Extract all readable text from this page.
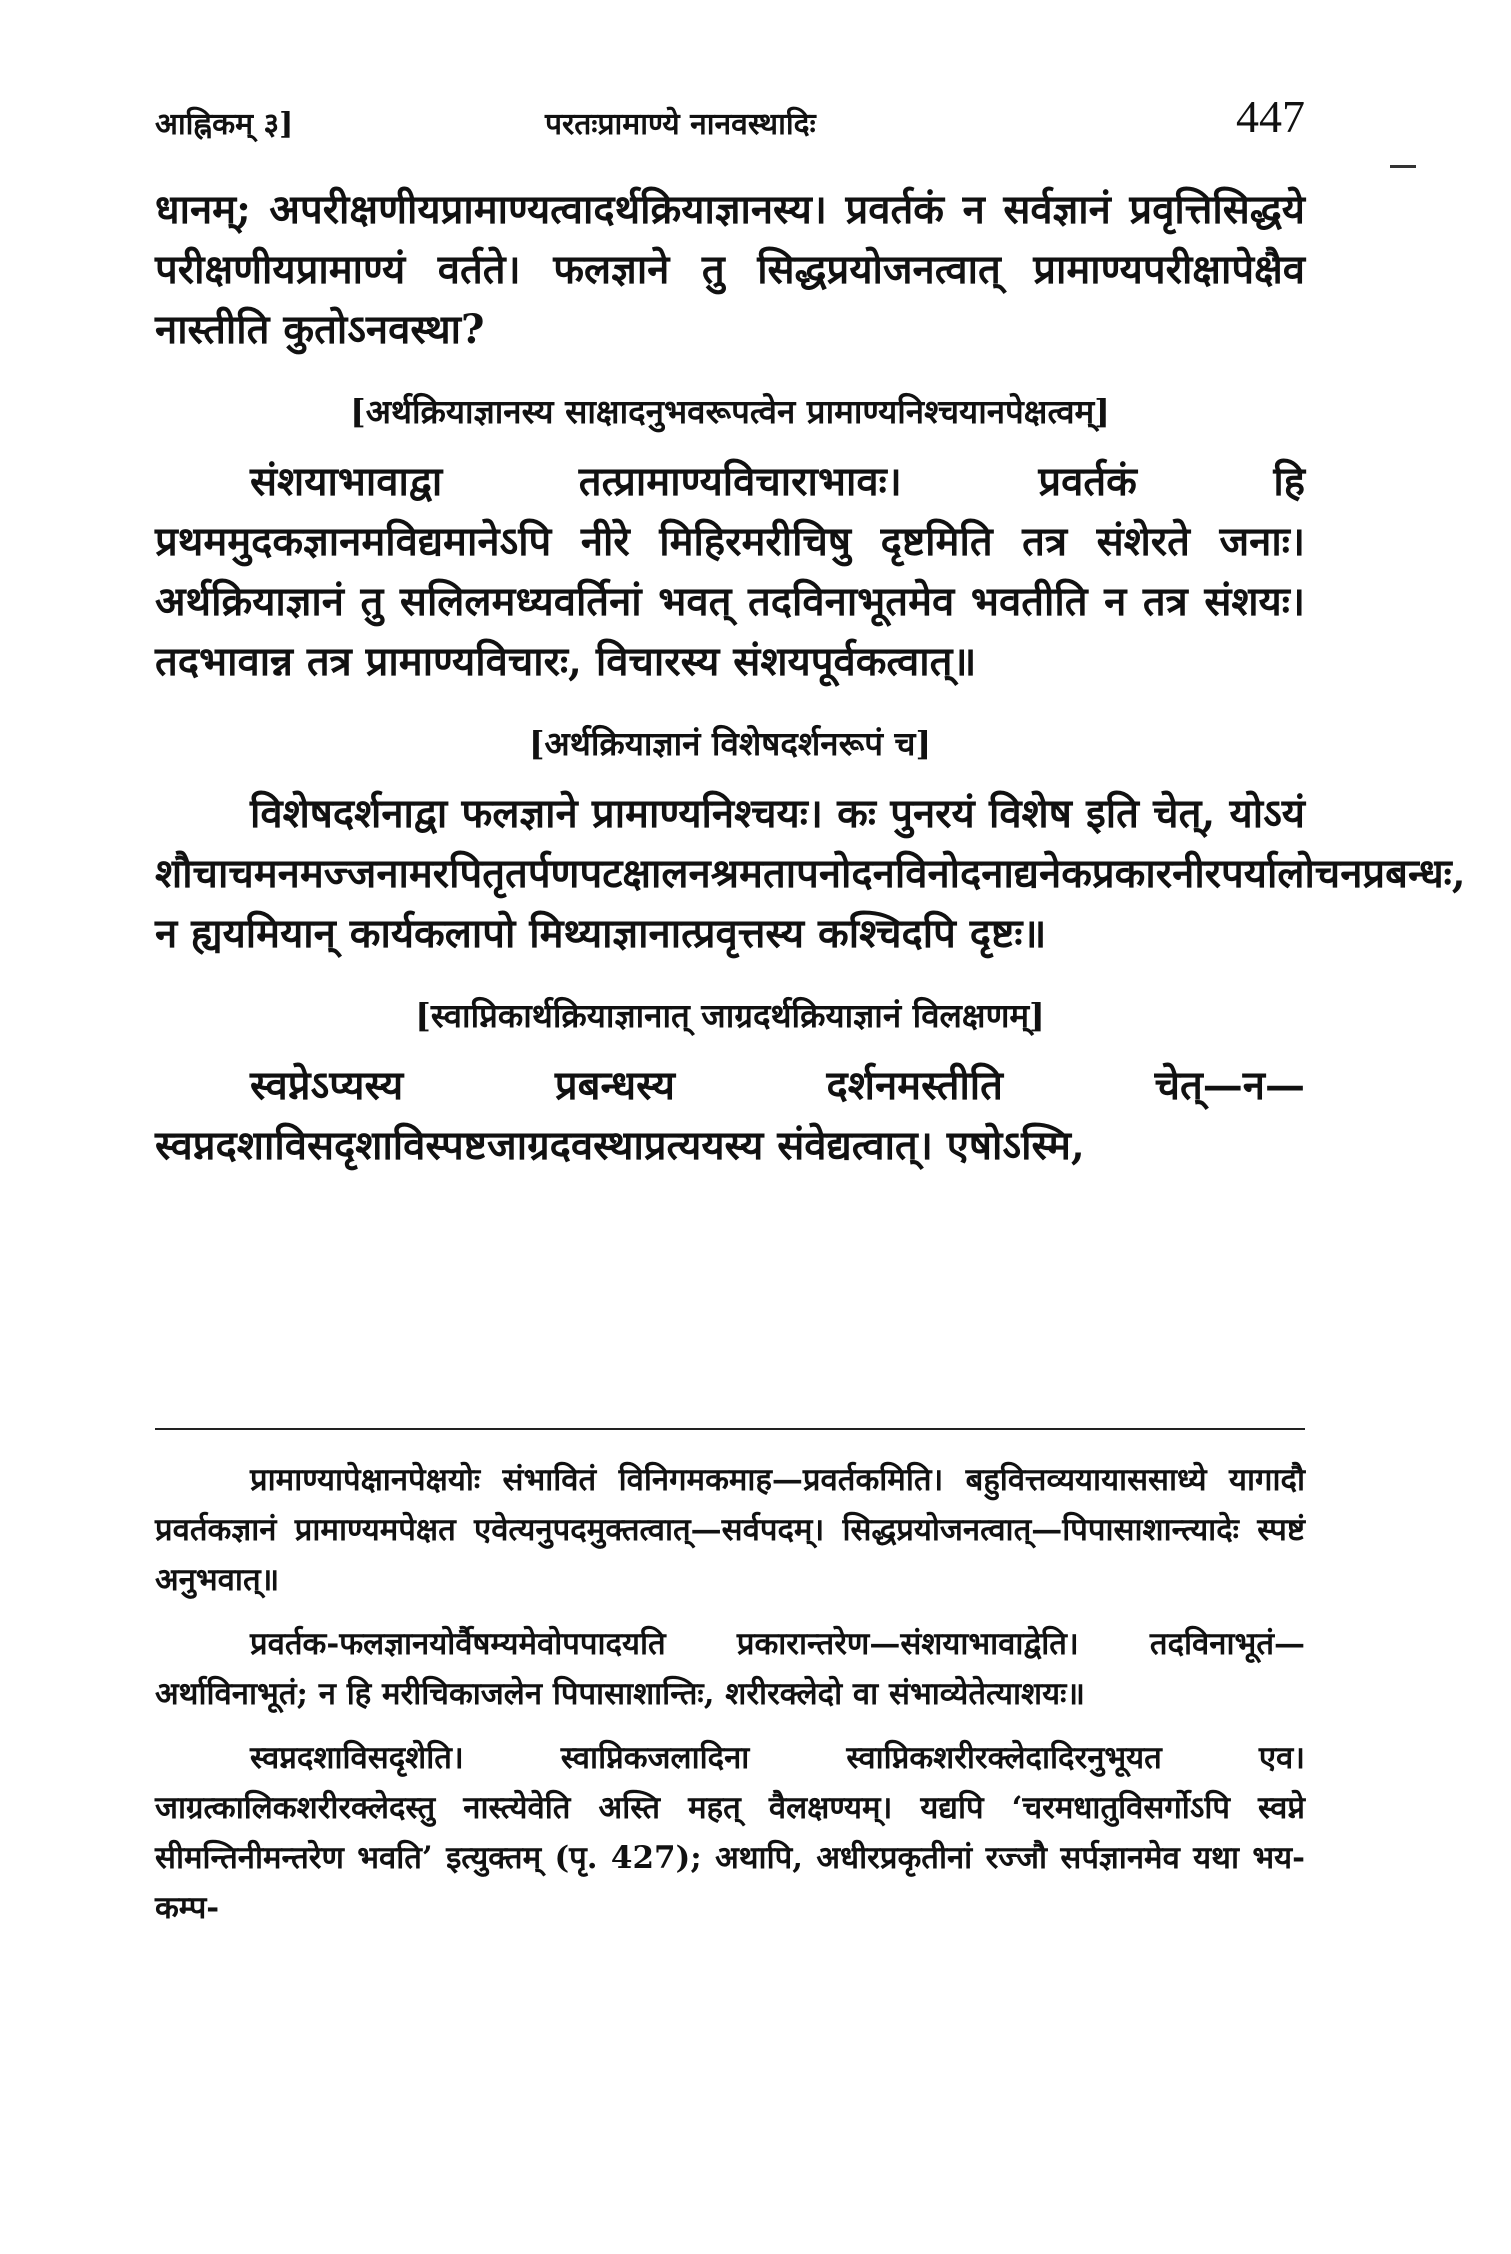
आह्निकम् ३]	परतःप्रामाण्ये नानवस्थादिः	447

धानम्; अपरीक्षणीयप्रामाण्यत्वादर्थक्रियाज्ञानस्य। प्रवर्तकं न सर्वज्ञानं प्रवृत्तिसिद्धये परीक्षणीयप्रामाण्यं वर्तते। फलज्ञाने तु सिद्धप्रयोजनत्वात् प्रामाण्यपरीक्षापेक्षैव नास्तीति कुतोऽनवस्था?

[अर्थक्रियाज्ञानस्य साक्षादनुभवरूपत्वेन प्रामाण्यनिश्चयानपेक्षत्वम्]

संशयाभावाद्वा तत्प्रामाण्यविचाराभावः। प्रवर्तकं हि प्रथममुदकज्ञानमविद्यमानेऽपि नीरे मिहिरमरीचिषु दृष्टमिति तत्र संशेरते जनाः। अर्थक्रियाज्ञानं तु सलिलमध्यवर्तिनां भवत् तदविनाभूतमेव भवतीति न तत्र संशयः। तदभावान्न तत्र प्रामाण्यविचारः, विचारस्य संशयपूर्वकत्वात्॥

[अर्थक्रियाज्ञानं विशेषदर्शनरूपं च]

विशेषदर्शनाद्वा फलज्ञाने प्रामाण्यनिश्चयः। कः पुनरयं विशेष इति चेत्, योऽयं शौचाचमनमज्जनामरपितृतर्पणपटक्षालनश्रमतापनोदनविनोदनाद्यनेकप्रकारनीरपर्यालोचनप्रबन्धः, न ह्ययमियान् कार्यकलापो मिथ्याज्ञानात्प्रवृत्तस्य कश्चिदपि दृष्टः॥

[स्वाप्निकार्थक्रियाज्ञानात् जाग्रदर्थक्रियाज्ञानं विलक्षणम्]

स्वप्नेऽप्यस्य प्रबन्धस्य दर्शनमस्तीति चेत्—न—स्वप्नदशाविसदृशाविस्पष्टजाग्रदवस्थाप्रत्ययस्य संवेद्यत्वात्। एषोऽस्मि,

प्रामाण्यापेक्षानपेक्षयोः संभावितं विनिगमकमाह—प्रवर्तकमिति। बहुवित्तव्ययायाससाध्ये यागादौ प्रवर्तकज्ञानं प्रामाण्यमपेक्षत एवेत्यनुपदमुक्तत्वात्—सर्वपदम्। सिद्धप्रयोजनत्वात्—पिपासाशान्त्यादेः स्पष्टं अनुभवात्॥

प्रवर्तक-फलज्ञानयोर्वैषम्यमेवोपपादयति प्रकारान्तरेण—संशयाभावाद्वेति। तदविनाभूतं—अर्थाविनाभूतं; न हि मरीचिकाजलेन पिपासाशान्तिः, शरीरक्लेदो वा संभाव्येतेत्याशयः॥

स्वप्नदशाविसदृशेति। स्वाप्निकजलादिना स्वाप्निकशरीरक्लेदादिरनुभूयत एव। जाग्रत्कालिकशरीरक्लेदस्तु नास्त्येवेति अस्ति महत् वैलक्षण्यम्। यद्यपि ‘चरमधातुविसर्गोऽपि स्वप्ने सीमन्तिनीमन्तरेण भवति’ इत्युक्तम् (पृ. 427); अथापि, अधीरप्रकृतीनां रज्जौ सर्पज्ञानमेव यथा भय-कम्प-
